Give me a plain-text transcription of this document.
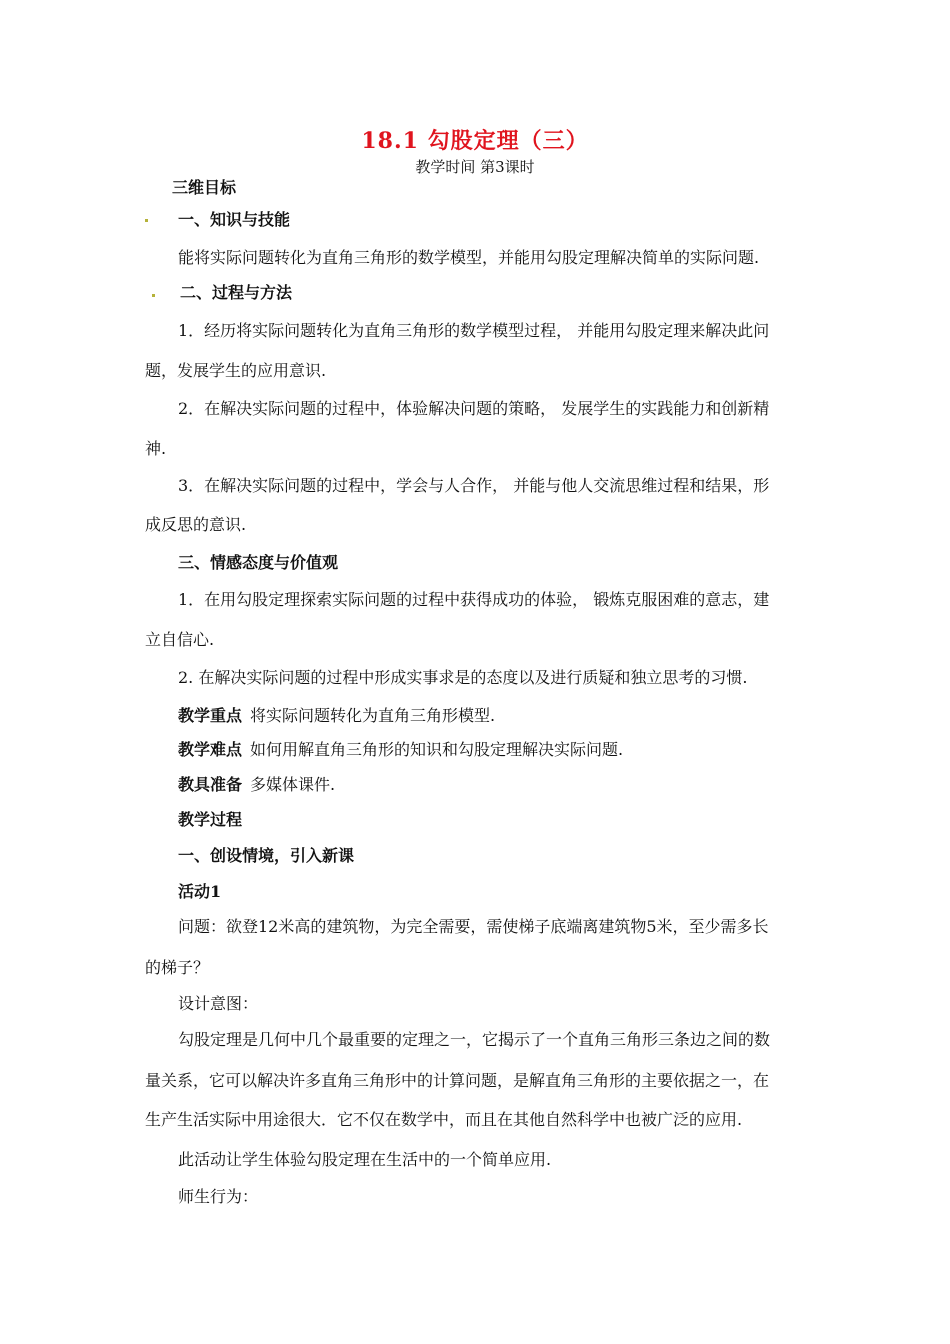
18.1 勾股定理（三）
教学时间 第3课时
三维目标
一、知识与技能
能将实际问题转化为直角三角形的数学模型，并能用勾股定理解决简单的实际问题.
二、过程与方法
1．经历将实际问题转化为直角三角形的数学模型过程， 并能用勾股定理来解决此问
题，发展学生的应用意识.
2．在解决实际问题的过程中，体验解决问题的策略， 发展学生的实践能力和创新精
神.
3．在解决实际问题的过程中，学会与人合作， 并能与他人交流思维过程和结果，形
成反思的意识.
三、情感态度与价值观
1．在用勾股定理探索实际问题的过程中获得成功的体验， 锻炼克服困难的意志，建
立自信心.
2. 在解决实际问题的过程中形成实事求是的态度以及进行质疑和独立思考的习惯.
教学重点 将实际问题转化为直角三角形模型.
教学难点 如何用解直角三角形的知识和勾股定理解决实际问题.
教具准备 多媒体课件.
教学过程
一、创设情境，引入新课
活动1
问题：欲登12米高的建筑物，为完全需要，需使梯子底端离建筑物5米，至少需多长
的梯子？
设计意图：
勾股定理是几何中几个最重要的定理之一，它揭示了一个直角三角形三条边之间的数
量关系，它可以解决许多直角三角形中的计算问题，是解直角三角形的主要依据之一，在
生产生活实际中用途很大．它不仅在数学中，而且在其他自然科学中也被广泛的应用.
此活动让学生体验勾股定理在生活中的一个简单应用.
师生行为：
